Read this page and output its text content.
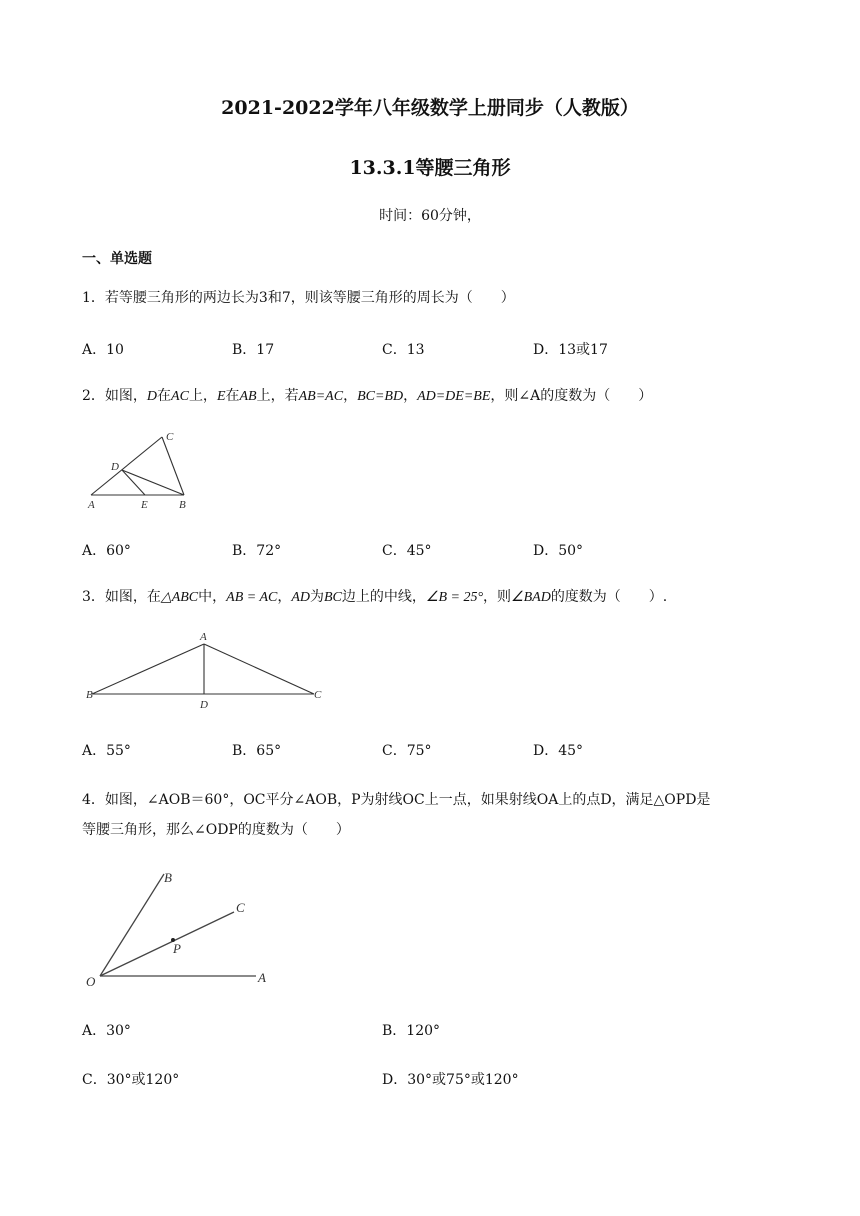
2021-2022学年八年级数学上册同步（人教版）
13.3.1等腰三角形
时间：60分钟，
一、单选题
1．若等腰三角形的两边长为3和7，则该等腰三角形的周长为（　　）
A．10	B．17	C．13	D．13或17
2．如图，D在AC上，E在AB上，若AB=AC，BC=BD，AD=DE=BE，则∠A的度数为（　　）
C
D
A	E	B
A．60°	B．72°	C．45°	D．50°
3．如图，在△ABC中，AB = AC，AD为BC边上的中线，∠B = 25°，则∠BAD的度数为（　　）.
A
B
D
C
A．55°	B．65°	C．75°	D．45°
4．如图，∠AOB＝60°，OC平分∠AOB，P为射线OC上一点，如果射线OA上的点D，满足△OPD是
等腰三角形，那么∠ODP的度数为（　　）
B
C
P
O	A
A．30°	B．120°
C．30°或120°	D．30°或75°或120°
